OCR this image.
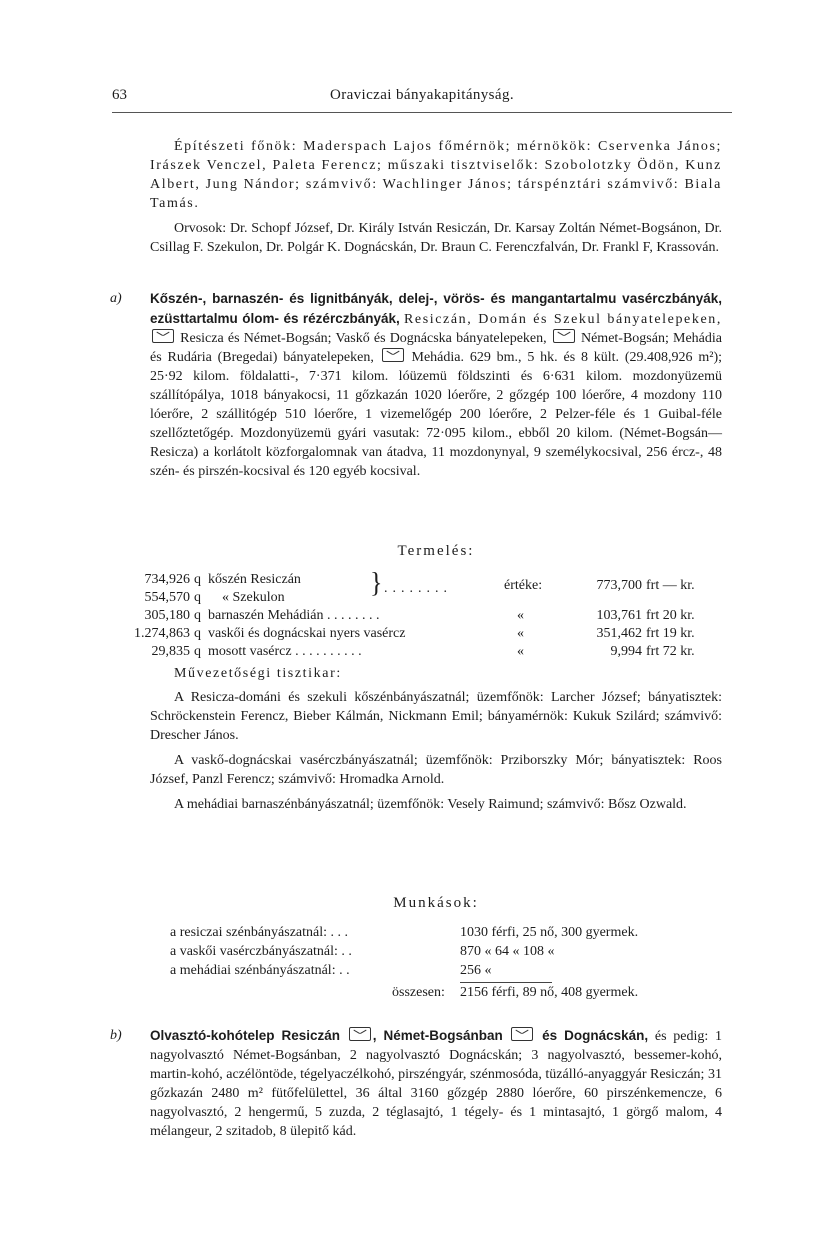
63	Oraviczai bányakapitányság.

Építészeti főnök: Maderspach Lajos főmérnök; mérnökök: Cservenka János; Irászek Venczel, Paleta Ferencz; műszaki tisztviselők: Szobolotzky Ödön, Kunz Albert, Jung Nándor; számvivő: Wachlinger János; társpénztári számvivő: Biala Tamás.

Orvosok: Dr. Schopf József, Dr. Király István Resiczán, Dr. Karsay Zoltán Német-Bogsánon, Dr. Csillag F. Szekulon, Dr. Polgár K. Dognácskán, Dr. Braun C. Ferenczfalván, Dr. Frankl F, Krassován.

a) Kőszén-, barnaszén- és lignitbányák, delej-, vörös- és mangantartalmu vasérczbányák, ezüsttartalmu ólom- és rézérczbányák, Resiczán, Domán és Szekul bányatelepeken,  Resicza és Német-Bogsán; Vaskő és Dognácska bányatelepeken, Német-Bogsán; Mehádia és Rudária (Bregedai) bányatelepeken,	Mehádia. 629 bm., 5 hk. és 8 kült. (29.408,926 m²); 25·92 kilom. földalatti-, 7·371 kilom. lóüzemü földszinti és 6·631 kilom. mozdonyüzemü szállítópálya, 1018 bányakocsi, 11 gőzkazán 1020 lóerőre, 2 gőzgép 100 lóerőre, 4 mozdony 110 lóerőre, 2 szállitógép 510 lóerőre, 1 vizemelőgép 200 lóerőre, 2 Pelzer-féle és 1 Guibal-féle szellőztetőgép. Mozdonyüzemü gyári vasutak: 72·095 kilom., ebből 20 kilom. (Német-Bogsán—Resicza) a korlátolt közforgalomnak van átadva, 11 mozdonynyal, 9 személykocsival, 256 ércz-, 48 szén- és pirszén-kocsival és 120 egyéb kocsival.

Termelés:
734,926 q kőszén Resiczán	értéke:	773,700 frt — kr.
554,570 q « Szekulon	} ........
305,180 q barnaszén Mehádián . . . . . . . .	«	103,761 frt 20 kr.
1.274,863 q vaskői és dognácskai nyers vasércz	«	351,462 frt 19 kr.
29,835 q mosott vasércz . . . . . . . . . .	«	9,994 frt 72 kr.

Művezetőségi tisztikar:

A Resicza-dománi és szekuli kőszénbányászatnál; üzemfőnök: Larcher József; bányatisztek: Schröckenstein Ferencz, Bieber Kálmán, Nickmann Emil; bányamérnök: Kukuk Szilárd; számvivő: Drescher János.

A vaskő-dognácskai vasérczbányászatnál; üzemfőnök: Prziborszky Mór; bányatisztek: Roos József, Panzl Ferencz; számvivő: Hromadka Arnold.

A mehádiai barnaszénbányászatnál; üzemfőnök: Vesely Raimund; számvivő: Bősz Ozwald.

Munkások:
a resiczai szénbányászatnál: . . .	1030 férfi, 25 nő, 300 gyermek.
a vaskői vasérczbányászatnál: . .	870 « 64 « 108 «
a mehádiai szénbányászatnál: . .	256 «
összesen: 2156 férfi, 89 nő, 408 gyermek.
b) Olvasztó-kohótelep Resiczán , Német-Bogsánban	és Dognácskán, és pedig: 1 nagyolvasztó Német-Bogsánban, 2 nagyolvasztó Dognácskán; 3 nagyolvasztó, bessemer-kohó, martin-kohó, aczélöntöde, tégelyaczélkohó, pirszéngyár, szénmosóda, tüzálló-anyaggyár Resiczán; 31 gőzkazán 2480 m² fütőfelülettel, 36 által 3160 gőzgép 2880 lóerőre, 60 pirszénkemencze, 6 nagyolvasztó, 2 hengermű, 5 zuzda, 2 téglasajtó, 1 tégely- és 1 mintasajtó, 1 görgő malom, 4 mélangeur, 2 szitadob, 8 ülepitő kád.
